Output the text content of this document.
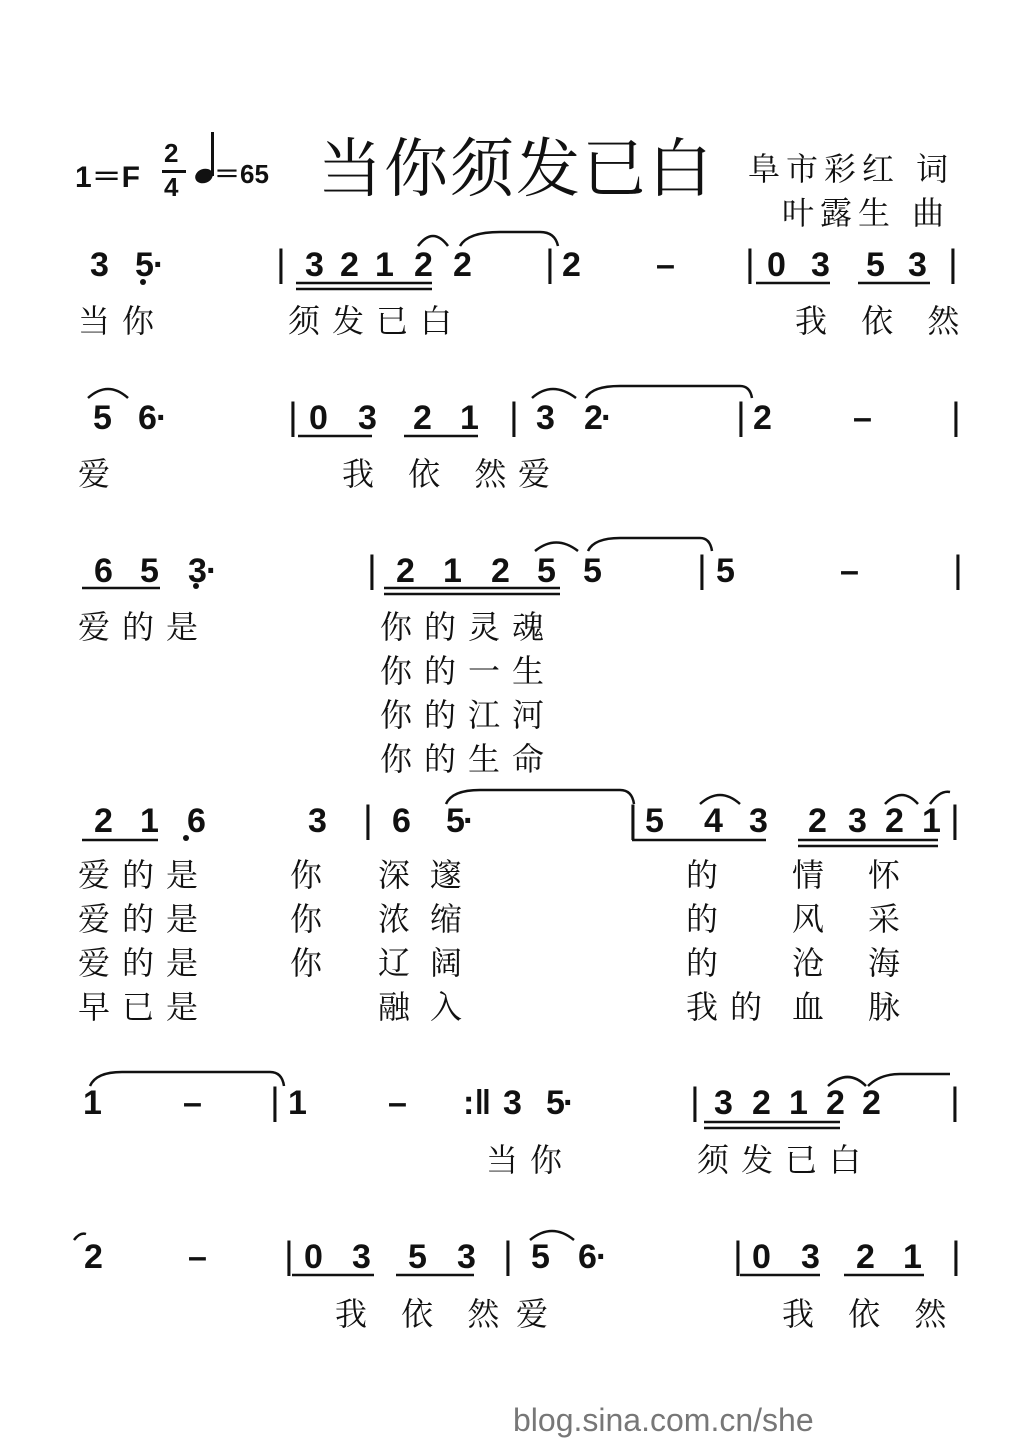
1＝F
2
4 ＝65 当你须发已白 阜市彩红 词
叶露生 曲
3 5 ·	| 3 2 1 2 2 | 2 – | 0 3 5 3 |
5 6 ·	| 0 3 2 1 | 3 2
·	| 2 – |
6 5 3 ·	| 2 1 2 5 5	| 5	– |
2 1 6	3 | 6 5
·	| 5 4 3 2 3 2 1 |
1 – | 1 – :‖ 3 5
·	| 3 2 1 2 2 |
2	– | 0 3 5 3 | 5 6 ·	| 0 3 2 1 |
当你	须发已白	我 依 然
爱	我 依 然 爱
爱的是	你的灵魂
当你	须发已白
我 依 然 爱	我 依 然
你的一生
你的江河
你的生命
爱的是 你 深 邃	的 情 怀
爱的是 你 浓 缩	的 风 采
爱的是 你 辽 阔	的 沧 海
早已是	融 入	我的 血 脉
blog.sina.com.cn/she
